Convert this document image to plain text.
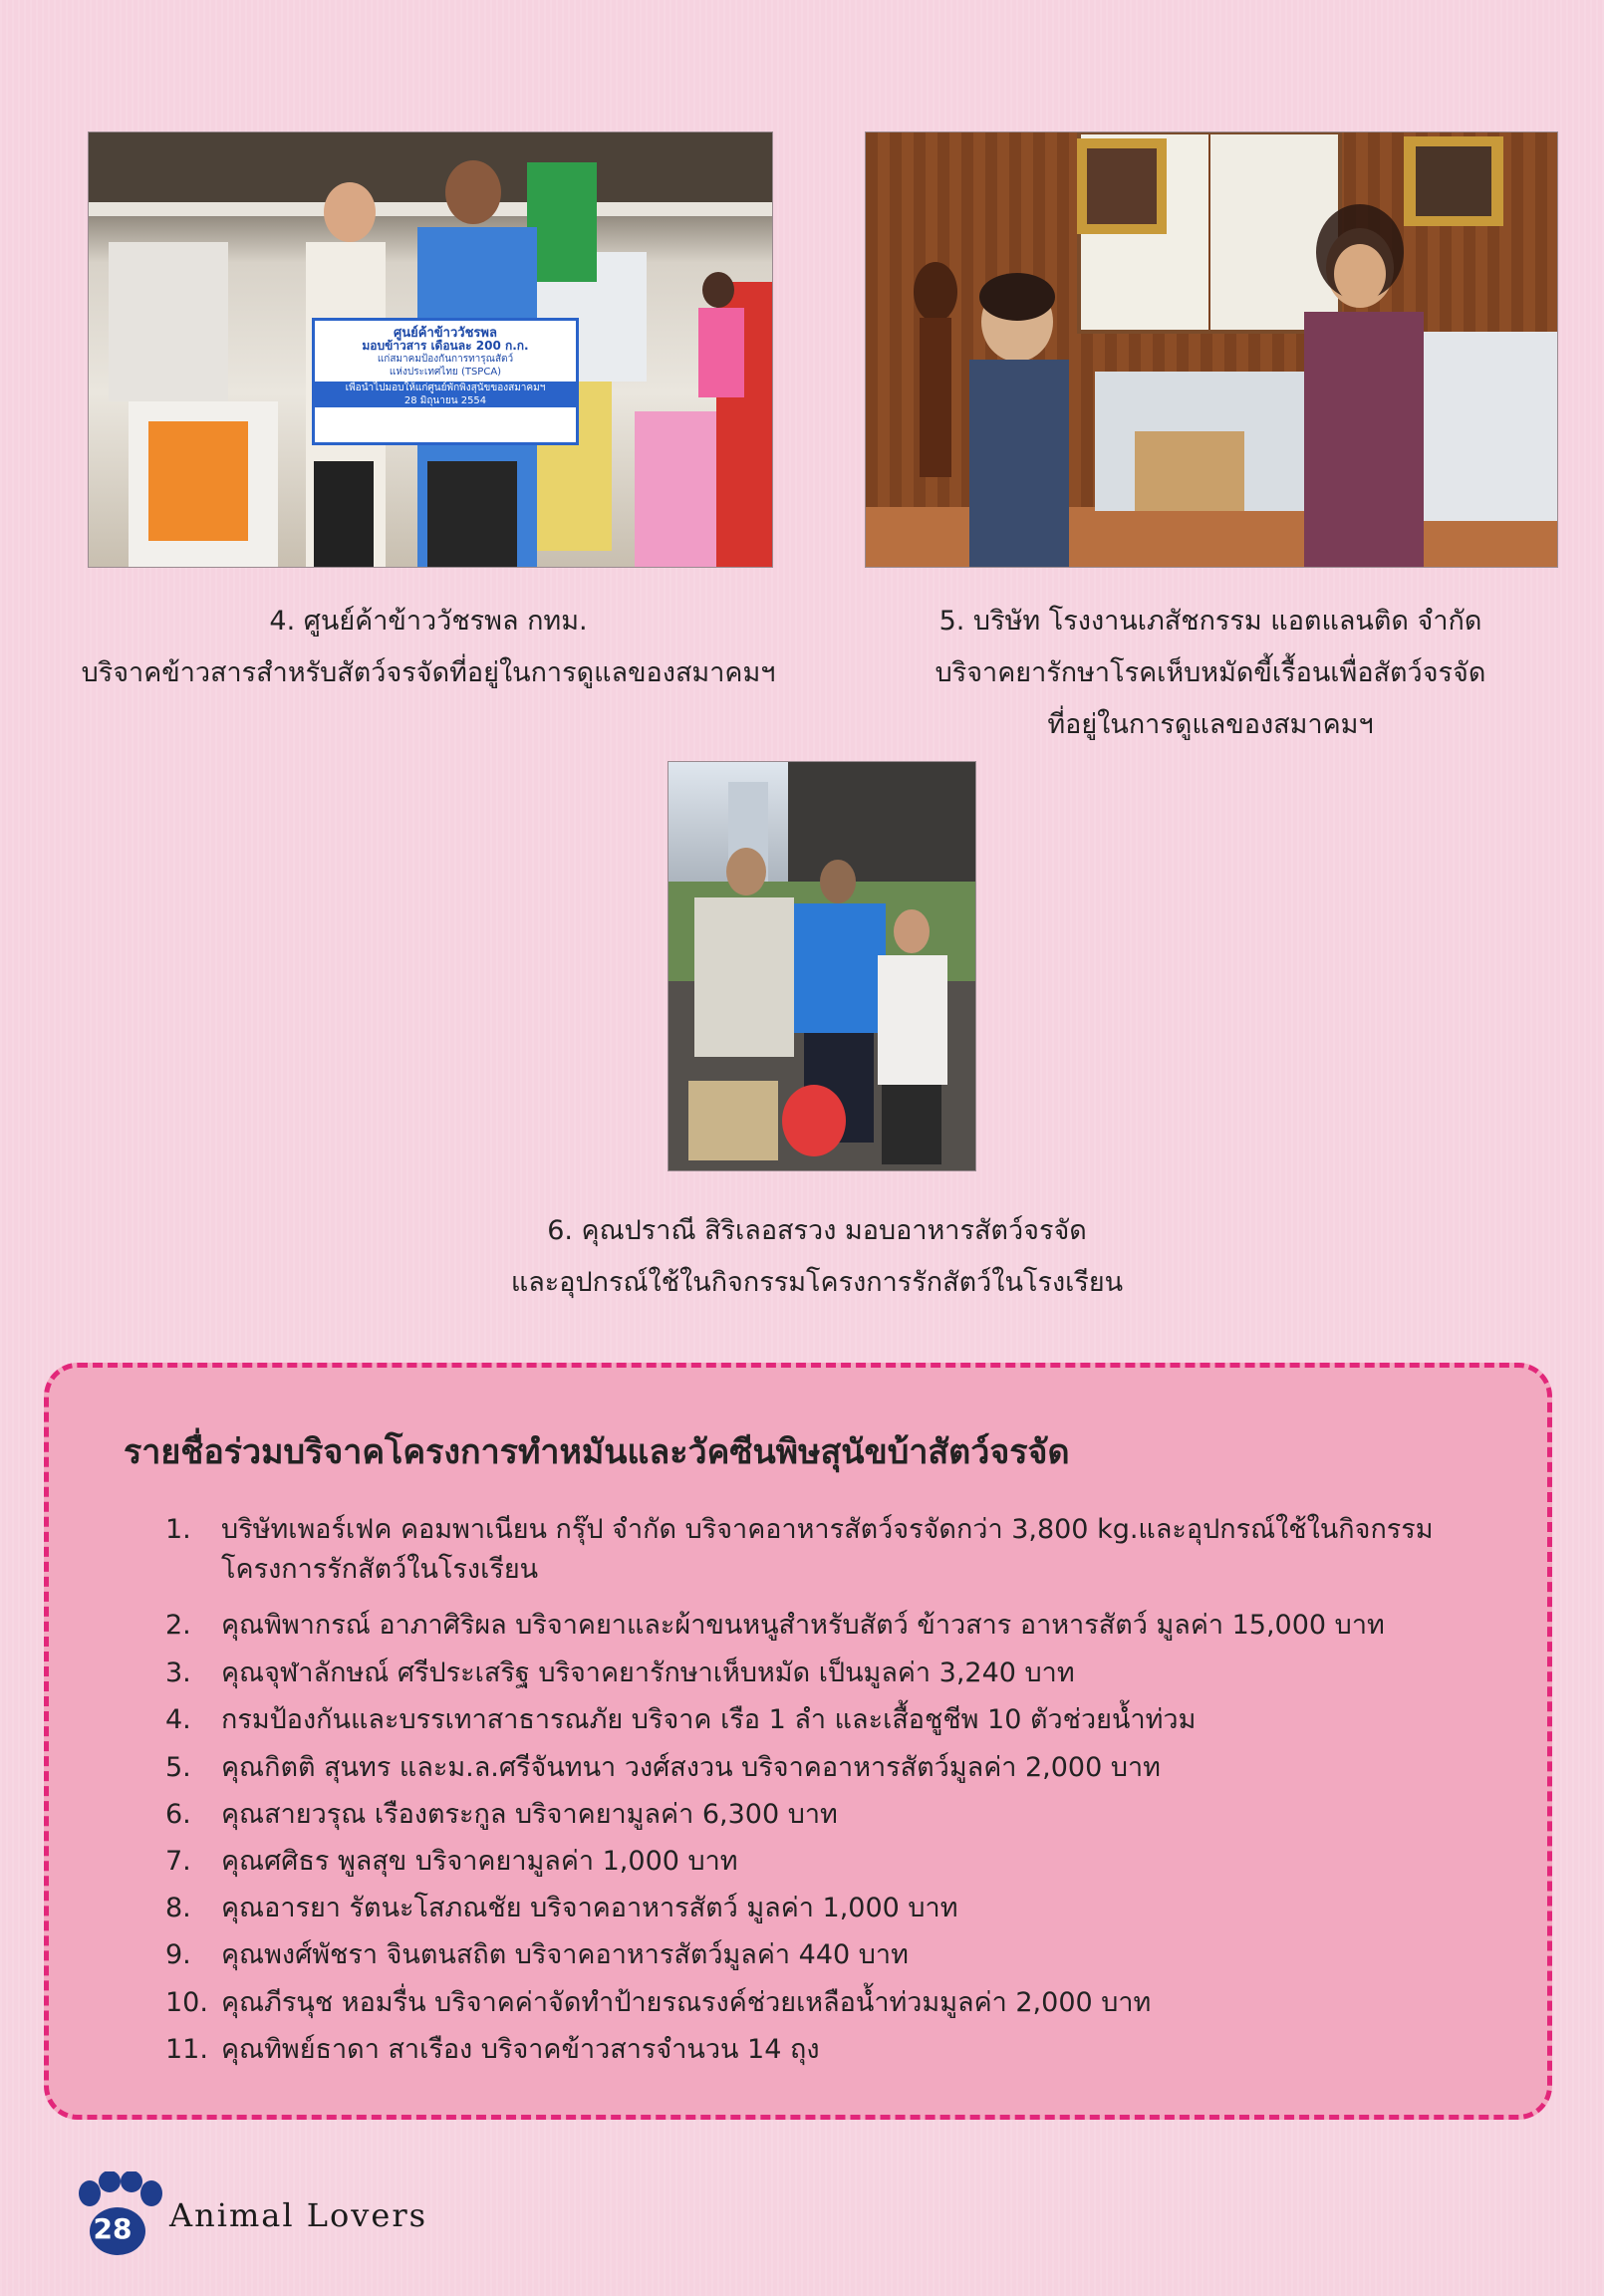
ศูนย์ค้าข้าววัชรพล
มอบข้าวสาร เดือนละ 200 ก.ก.
แก่สมาคมป้องกันการทารุณสัตว์
แห่งประเทศไทย (TSPCA)
เพื่อนำไปมอบให้แก่ศูนย์พักพิงสุนัขของสมาคมฯ
28 มิถุนายน 2554
4. ศูนย์ค้าข้าววัชรพล กทม.
บริจาคข้าวสารสำหรับสัตว์จรจัดที่อยู่ในการดูแลของสมาคมฯ
5. บริษัท โรงงานเภสัชกรรม แอตแลนติด จำกัด
บริจาคยารักษาโรคเห็บหมัดขี้เรื้อนเพื่อสัตว์จรจัด
ที่อยู่ในการดูแลของสมาคมฯ
6. คุณปราณี สิริเลอสรวง มอบอาหารสัตว์จรจัด
และอุปกรณ์ใช้ในกิจกรรมโครงการรักสัตว์ในโรงเรียน
รายชื่อร่วมบริจาคโครงการทำหมันและวัคซีนพิษสุนัขบ้าสัตว์จรจัด
1. บริษัทเพอร์เฟค คอมพาเนียน กรุ๊ป จำกัด บริจาคอาหารสัตว์จรจัดกว่า 3,800 kg.และอุปกรณ์ใช้ในกิจกรรม
โครงการรักสัตว์ในโรงเรียน
2. คุณพิพากรณ์ อาภาศิริผล บริจาคยาและผ้าขนหนูสำหรับสัตว์ ข้าวสาร อาหารสัตว์ มูลค่า 15,000 บาท
3. คุณจุฬาลักษณ์ ศรีประเสริฐ บริจาคยารักษาเห็บหมัด เป็นมูลค่า 3,240 บาท
4. กรมป้องกันและบรรเทาสาธารณภัย บริจาค เรือ 1 ลำ และเสื้อชูชีพ 10 ตัวช่วยน้ำท่วม
5. คุณกิตติ สุนทร และม.ล.ศรีจันทนา วงศ์สงวน บริจาคอาหารสัตว์มูลค่า 2,000 บาท
6. คุณสายวรุณ เรืองตระกูล บริจาคยามูลค่า 6,300 บาท
7. คุณศศิธร พูลสุข บริจาคยามูลค่า 1,000 บาท
8. คุณอารยา รัตนะโสภณชัย บริจาคอาหารสัตว์ มูลค่า 1,000 บาท
9. คุณพงศ์พัชรา จินตนสถิต บริจาคอาหารสัตว์มูลค่า 440 บาท
10. คุณภีรนุช หอมรื่น บริจาคค่าจัดทำป้ายรณรงค์ช่วยเหลือน้ำท่วมมูลค่า 2,000 บาท
11. คุณทิพย์ธาดา สาเรือง บริจาคข้าวสารจำนวน 14 ถุง
28 Animal Lovers
